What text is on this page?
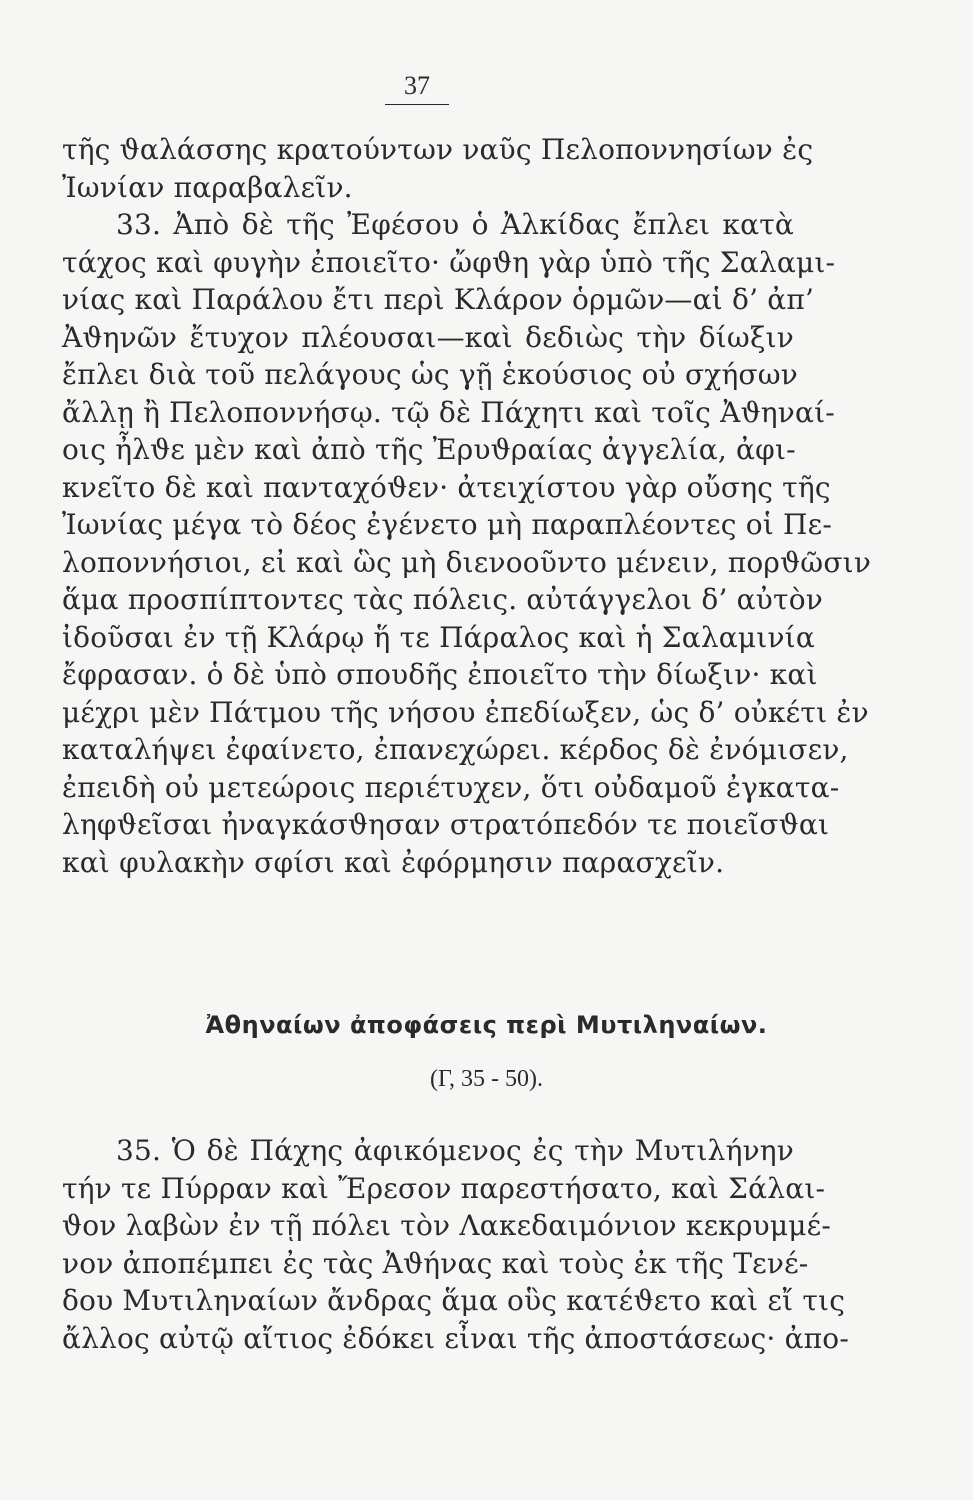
37
τῆς ϑαλάσσης κρατούντων ναῦς Πελοποννησίων ἐς
Ἰωνίαν παραβαλεῖν.
33. Ἀπὸ δὲ τῆς Ἐφέσου ὁ Ἀλκίδας ἔπλει κατὰ
τάχος καὶ φυγὴν ἐποιεῖτο· ὤφϑη γὰρ ὑπὸ τῆς Σαλαμι-
νίας καὶ Παράλου ἔτι περὶ Κλάρον ὁρμῶν—αἱ δ’ ἀπ’
Ἀϑηνῶν ἔτυχον πλέουσαι—καὶ δεδιὼς τὴν δίωξιν
ἔπλει διὰ τοῦ πελάγους ὡς γῇ ἑκούσιος οὐ σχήσων
ἄλλῃ ἢ Πελοποννήσῳ. τῷ δὲ Πάχητι καὶ τοῖς Ἀϑηναί-
οις ἦλϑε μὲν καὶ ἀπὸ τῆς Ἐρυϑραίας ἀγγελία, ἀφι-
κνεῖτο δὲ καὶ πανταχόϑεν· ἀτειχίστου γὰρ οὔσης τῆς
Ἰωνίας μέγα τὸ δέος ἐγένετο μὴ παραπλέοντες οἱ Πε-
λοποννήσιοι, εἰ καὶ ὣς μὴ διενοοῦντο μένειν, πορϑῶσιν
ἅμα προσπίπτοντες τὰς πόλεις. αὐτάγγελοι δ’ αὐτὸν
ἰδοῦσαι ἐν τῇ Κλάρῳ ἥ τε Πάραλος καὶ ἡ Σαλαμινία
ἔφρασαν. ὁ δὲ ὑπὸ σπουδῆς ἐποιεῖτο τὴν δίωξιν· καὶ
μέχρι μὲν Πάτμου τῆς νήσου ἐπεδίωξεν, ὡς δ’ οὐκέτι ἐν
καταλήψει ἐφαίνετο, ἐπανεχώρει. κέρδος δὲ ἐνόμισεν,
ἐπειδὴ οὐ μετεώροις περιέτυχεν, ὅτι οὐδαμοῦ ἐγκατα-
ληφϑεῖσαι ἠναγκάσϑησαν στρατόπεδόν τε ποιεῖσϑαι
καὶ φυλακὴν σφίσι καὶ ἐφόρμησιν παρασχεῖν.
Ἀθηναίων ἀποφάσεις περὶ Μυτιληναίων.
(Γ, 35 - 50).
35. Ὁ δὲ Πάχης ἀφικόμενος ἐς τὴν Μυτιλήνην
τήν τε Πύρραν καὶ Ἔρεσον παρεστήσατο, καὶ Σάλαι-
ϑον λαβὼν ἐν τῇ πόλει τὸν Λακεδαιμόνιον κεκρυμμέ-
νον ἀποπέμπει ἐς τὰς Ἀϑήνας καὶ τοὺς ἐκ τῆς Τενέ-
δου Μυτιληναίων ἄνδρας ἅμα οὓς κατέϑετο καὶ εἴ τις
ἄλλος αὐτῷ αἴτιος ἐδόκει εἶναι τῆς ἀποστάσεως· ἀπο-
